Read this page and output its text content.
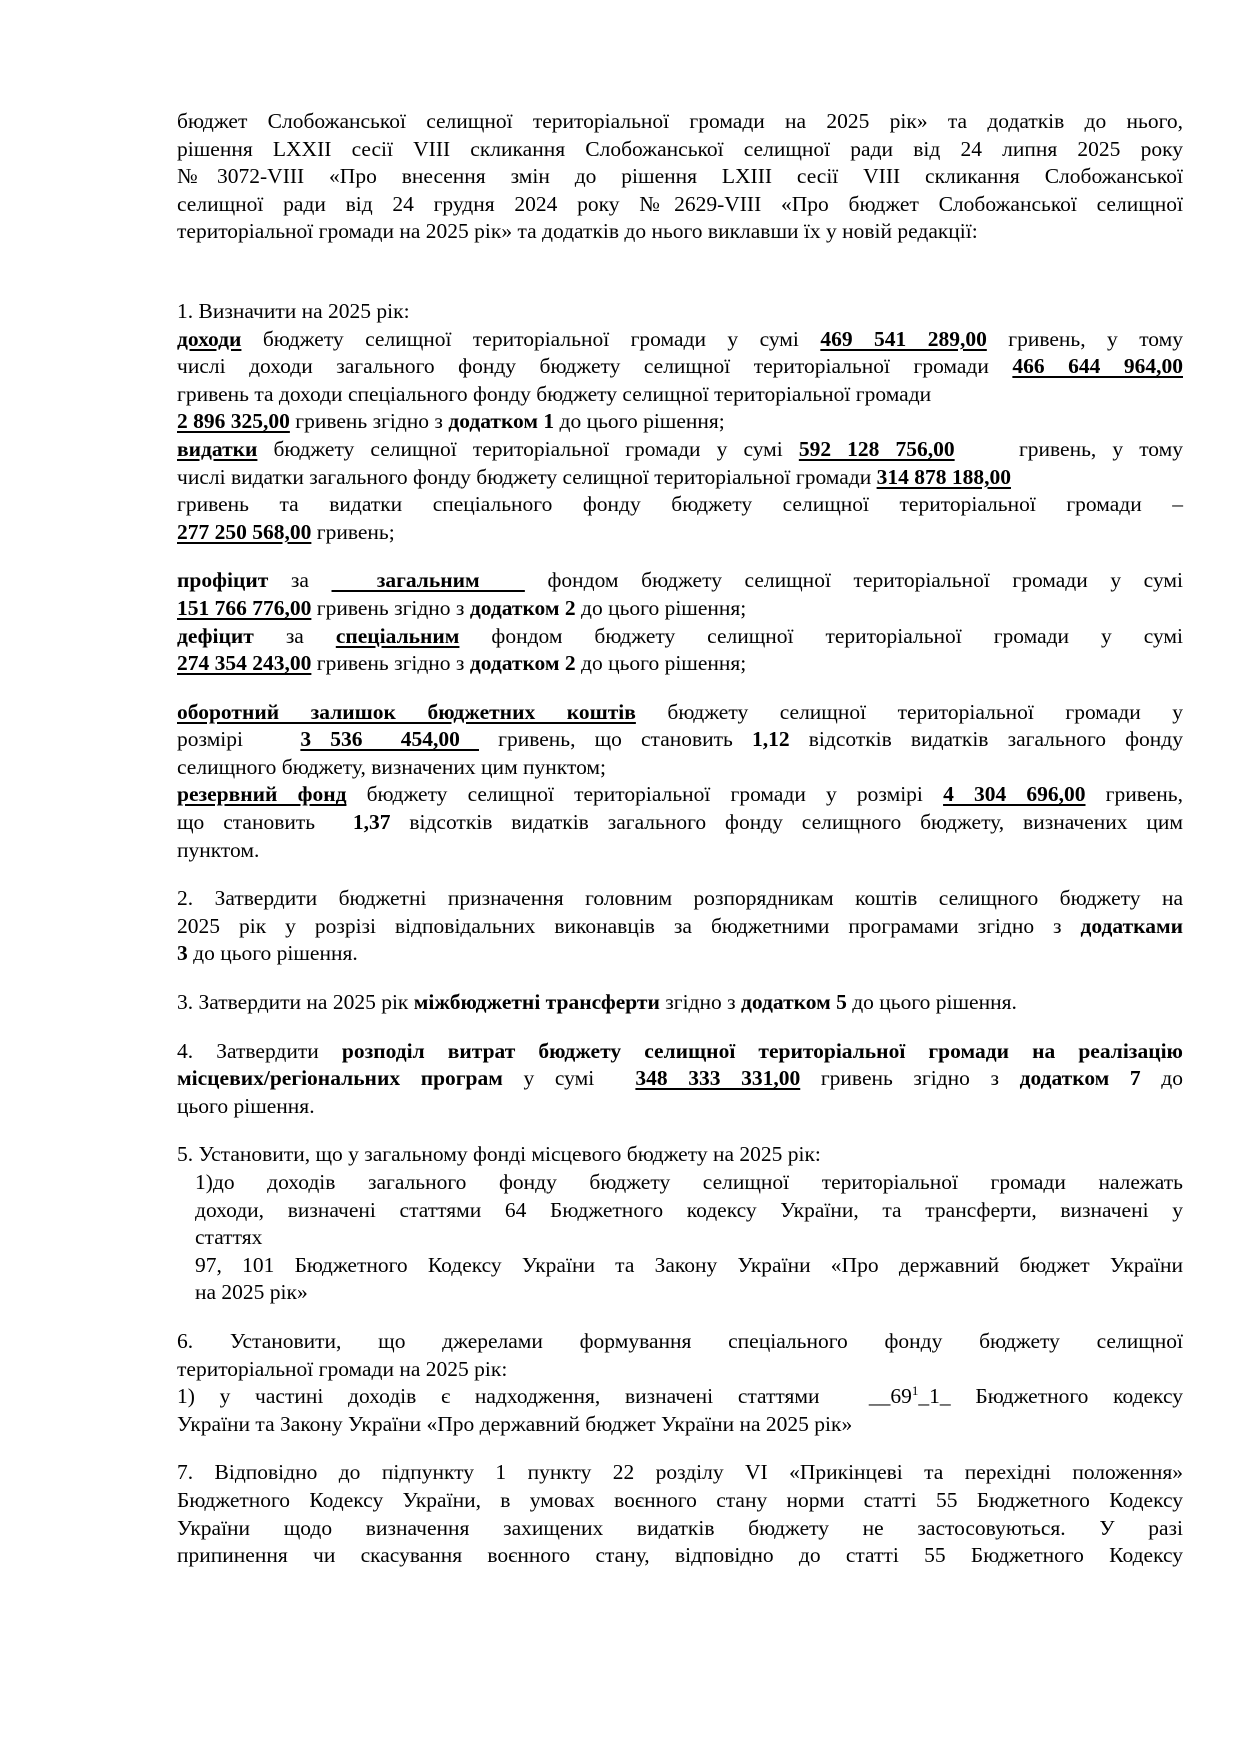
бюджет Слобожанської селищної територіальної громади на 2025 рік» та додатків до нього,

рішення LXXII сесії VIII скликання Слобожанської селищної ради від 24 липня 2025 року

№3072-VIII «Про внесення змін до рішення LXIII сесії VIII скликання Слобожанської

селищної ради від 24 грудня 2024 року №2629-VIII «Про бюджет Слобожанської селищної

територіальної громади на 2025 рік» та додатків до нього виклавши їх у новій редакції:

1. Визначити на 2025 рік:

доходи бюджету селищної територіальної громади у сумі 469 541 289,00 гривень, у тому

числі доходи загального фонду бюджету селищної територіальної громади 466 644 964,00

гривень та доходи спеціального фонду бюджету селищної територіальної громади

2 896 325,00 гривень згідно з додатком 1 до цього рішення;

видатки бюджету селищної територіальної громади у сумі 592 128 756,00    гривень, у тому

числі видатки загального фонду бюджету селищної територіальної громади 314 878 188,00

гривень та видатки спеціального фонду бюджету селищної територіальної громади –

277 250 568,00 гривень;

профіцит за   загальним   фондом бюджету селищної територіальної громади у сумі

151 766 776,00 гривень згідно з додатком 2 до цього рішення;

дефіцит за спеціальним фондом бюджету селищної територіальної громади у сумі

274 354 243,00 гривень згідно з додатком 2 до цього рішення;

оборотний залишок бюджетних коштів бюджету селищної територіальної громади у

розмірі   3 536  454,00  гривень, що становить 1,12 відсотків видатків загального фонду

селищного бюджету, визначених цим пунктом;

резервний фонд бюджету селищної територіальної громади у розмірі 4 304 696,00 гривень,

що становить  1,37 відсотків видатків загального фонду селищного бюджету, визначених цим

пунктом.

2. Затвердити бюджетні призначення головним розпорядникам коштів селищного бюджету на

2025 рік у розрізі відповідальних виконавців за бюджетними програмами згідно з додатками

3 до цього рішення.

3. Затвердити на 2025 рік міжбюджетні трансферти згідно з додатком 5 до цього рішення.

4. Затвердити розподіл витрат бюджету селищної територіальної громади на реалізацію

місцевих/регіональних програм у сумі  348 333 331,00 гривень згідно з додатком 7 до

цього рішення.

5. Установити, що у загальному фонді місцевого бюджету на 2025 рік:

1)до доходів загального фонду бюджету селищної територіальної громади належать

доходи, визначені статтями 64 Бюджетного кодексу України, та трансферти, визначені у

статтях

97, 101 Бюджетного Кодексу України та Закону України «Про державний бюджет України

на 2025 рік»

6.  Установити,  що  джерелами  формування  спеціального  фонду  бюджету  селищної

територіальної громади на 2025 рік:

1) у частині доходів є надходження, визначені статтями  $\_\_69^1\_1\_$ Бюджетного кодексу

України та Закону України «Про державний бюджет України на 2025 рік»

7. Відповідно до підпункту 1 пункту 22 розділу VI «Прикінцеві та перехідні положення»

Бюджетного Кодексу України, в умовах воєнного стану норми статті 55 Бюджетного Кодексу

України щодо визначення захищених видатків бюджету не застосовуються. У разі

припинення чи скасування воєнного стану, відповідно до статті 55 Бюджетного Кодексу
